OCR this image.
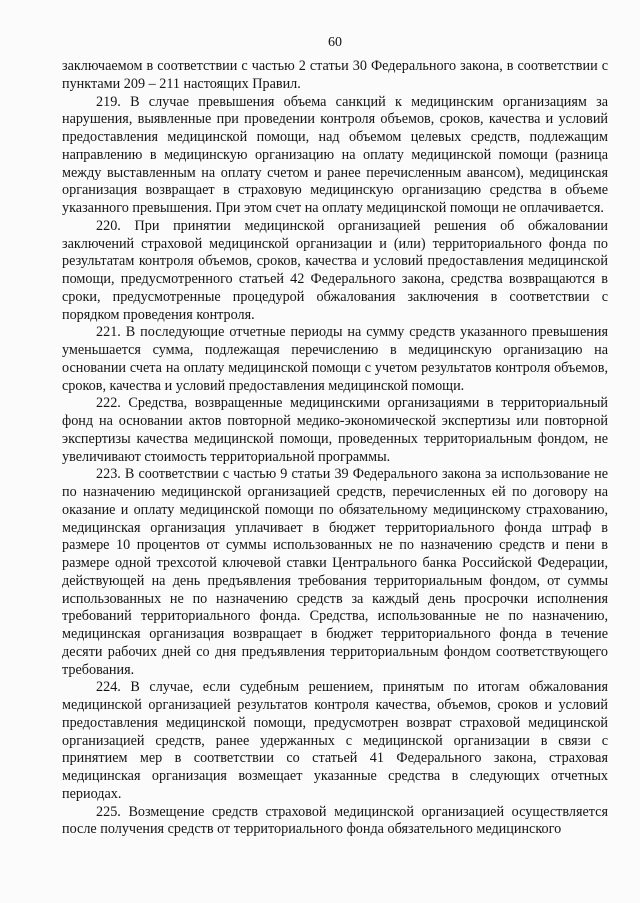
60

заключаемом в соответствии с частью 2 статьи 30 Федерального закона, в соответствии с пунктами 209 – 211 настоящих Правил.

219. В случае превышения объема санкций к медицинским организациям за нарушения, выявленные при проведении контроля объемов, сроков, качества и условий предоставления медицинской помощи, над объемом целевых средств, подлежащим направлению в медицинскую организацию на оплату медицинской помощи (разница между выставленным на оплату счетом и ранее перечисленным авансом), медицинская организация возвращает в страховую медицинскую организацию средства в объеме указанного превышения. При этом счет на оплату медицинской помощи не оплачивается.

220. При принятии медицинской организацией решения об обжаловании заключений страховой медицинской организации и (или) территориального фонда по результатам контроля объемов, сроков, качества и условий предоставления медицинской помощи, предусмотренного статьей 42 Федерального закона, средства возвращаются в сроки, предусмотренные процедурой обжалования заключения в соответствии с порядком проведения контроля.

221. В последующие отчетные периоды на сумму средств указанного превышения уменьшается сумма, подлежащая перечислению в медицинскую организацию на основании счета на оплату медицинской помощи с учетом результатов контроля объемов, сроков, качества и условий предоставления медицинской помощи.

222. Средства, возвращенные медицинскими организациями в территориальный фонд на основании актов повторной медико-экономической экспертизы или повторной экспертизы качества медицинской помощи, проведенных территориальным фондом, не увеличивают стоимость территориальной программы.

223. В соответствии с частью 9 статьи 39 Федерального закона за использование не по назначению медицинской организацией средств, перечисленных ей по договору на оказание и оплату медицинской помощи по обязательному медицинскому страхованию, медицинская организация уплачивает в бюджет территориального фонда штраф в размере 10 процентов от суммы использованных не по назначению средств и пени в размере одной трехсотой ключевой ставки Центрального банка Российской Федерации, действующей на день предъявления требования территориальным фондом, от суммы использованных не по назначению средств за каждый день просрочки исполнения требований территориального фонда. Средства, использованные не по назначению, медицинская организация возвращает в бюджет территориального фонда в течение десяти рабочих дней со дня предъявления территориальным фондом соответствующего требования.

224. В случае, если судебным решением, принятым по итогам обжалования медицинской организацией результатов контроля качества, объемов, сроков и условий предоставления медицинской помощи, предусмотрен возврат страховой медицинской организацией средств, ранее удержанных с медицинской организации в связи с принятием мер в соответствии со статьей 41 Федерального закона, страховая медицинская организация возмещает указанные средства в следующих отчетных периодах.

225. Возмещение средств страховой медицинской организацией осуществляется после получения средств от территориального фонда обязательного медицинского
